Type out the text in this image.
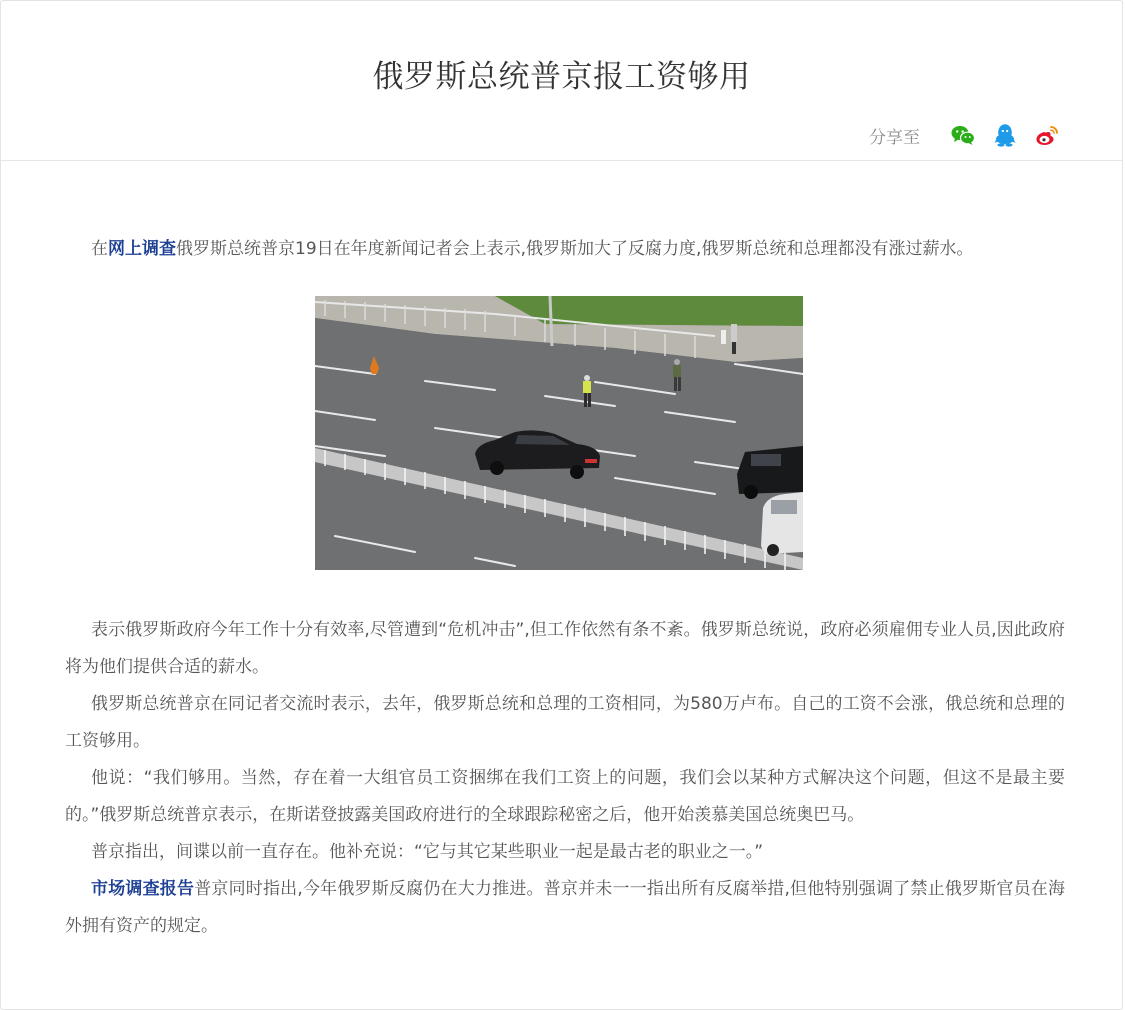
俄罗斯总统普京报工资够用
分享至

在网上调查俄罗斯总统普京19日在年度新闻记者会上表示,俄罗斯加大了反腐力度,俄罗斯总统和总理都没有涨过薪水。

表示俄罗斯政府今年工作十分有效率,尽管遭到“危机冲击”,但工作依然有条不紊。俄罗斯总统说，政府必须雇佣专业人员,因此政府将为他们提供合适的薪水。

俄罗斯总统普京在同记者交流时表示，去年，俄罗斯总统和总理的工资相同，为580万卢布。自己的工资不会涨，俄总统和总理的工资够用。

他说：“我们够用。当然，存在着一大组官员工资捆绑在我们工资上的问题，我们会以某种方式解决这个问题，但这不是最主要的。”俄罗斯总统普京表示，在斯诺登披露美国政府进行的全球跟踪秘密之后，他开始羡慕美国总统奥巴马。

普京指出，间谍以前一直存在。他补充说：“它与其它某些职业一起是最古老的职业之一。”

市场调查报告普京同时指出,今年俄罗斯反腐仍在大力推进。普京并未一一指出所有反腐举措,但他特别强调了禁止俄罗斯官员在海外拥有资产的规定。
